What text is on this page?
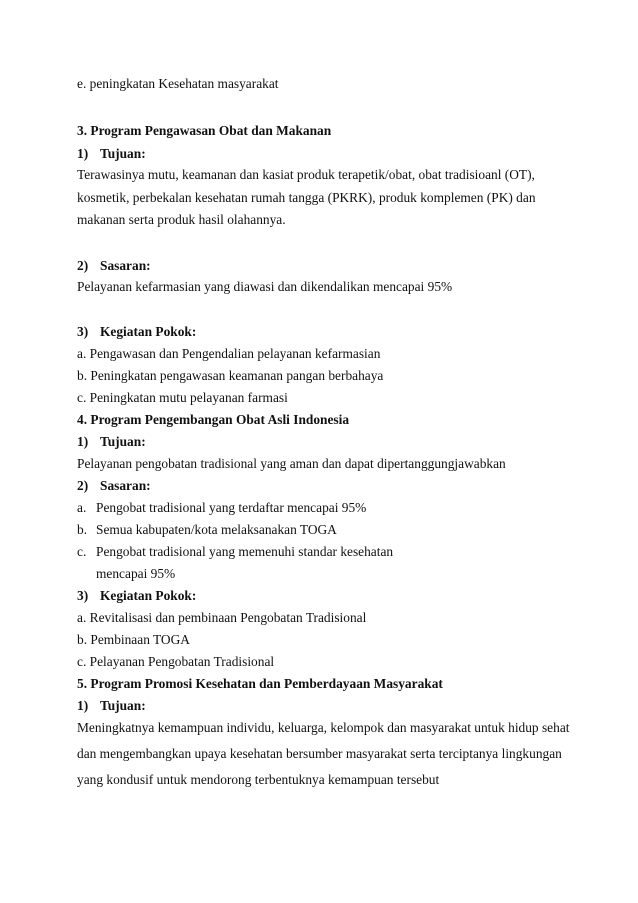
e. peningkatan Kesehatan masyarakat
3. Program Pengawasan Obat dan Makanan
1) Tujuan:
Terawasinya mutu, keamanan dan kasiat produk terapetik/obat, obat tradisioanl (OT),
kosmetik, perbekalan kesehatan rumah tangga (PKRK), produk komplemen (PK) dan
makanan serta produk hasil olahannya.
2) Sasaran:
Pelayanan kefarmasian yang diawasi dan dikendalikan mencapai 95%
3) Kegiatan Pokok:
a. Pengawasan dan Pengendalian pelayanan kefarmasian
b. Peningkatan pengawasan keamanan pangan berbahaya
c. Peningkatan mutu pelayanan farmasi
4. Program Pengembangan Obat Asli Indonesia
1) Tujuan:
Pelayanan pengobatan tradisional yang aman dan dapat dipertanggungjawabkan
2) Sasaran:
a. Pengobat tradisional yang terdaftar mencapai 95%
b. Semua kabupaten/kota melaksanakan TOGA
c. Pengobat tradisional yang memenuhi standar kesehatan
mencapai 95%
3) Kegiatan Pokok:
a. Revitalisasi dan pembinaan Pengobatan Tradisional
b. Pembinaan TOGA
c. Pelayanan Pengobatan Tradisional
5. Program Promosi Kesehatan dan Pemberdayaan Masyarakat
1) Tujuan:
Meningkatnya kemampuan individu, keluarga, kelompok dan masyarakat untuk hidup sehat
dan mengembangkan upaya kesehatan bersumber masyarakat serta terciptanya lingkungan
yang kondusif untuk mendorong terbentuknya kemampuan tersebut
